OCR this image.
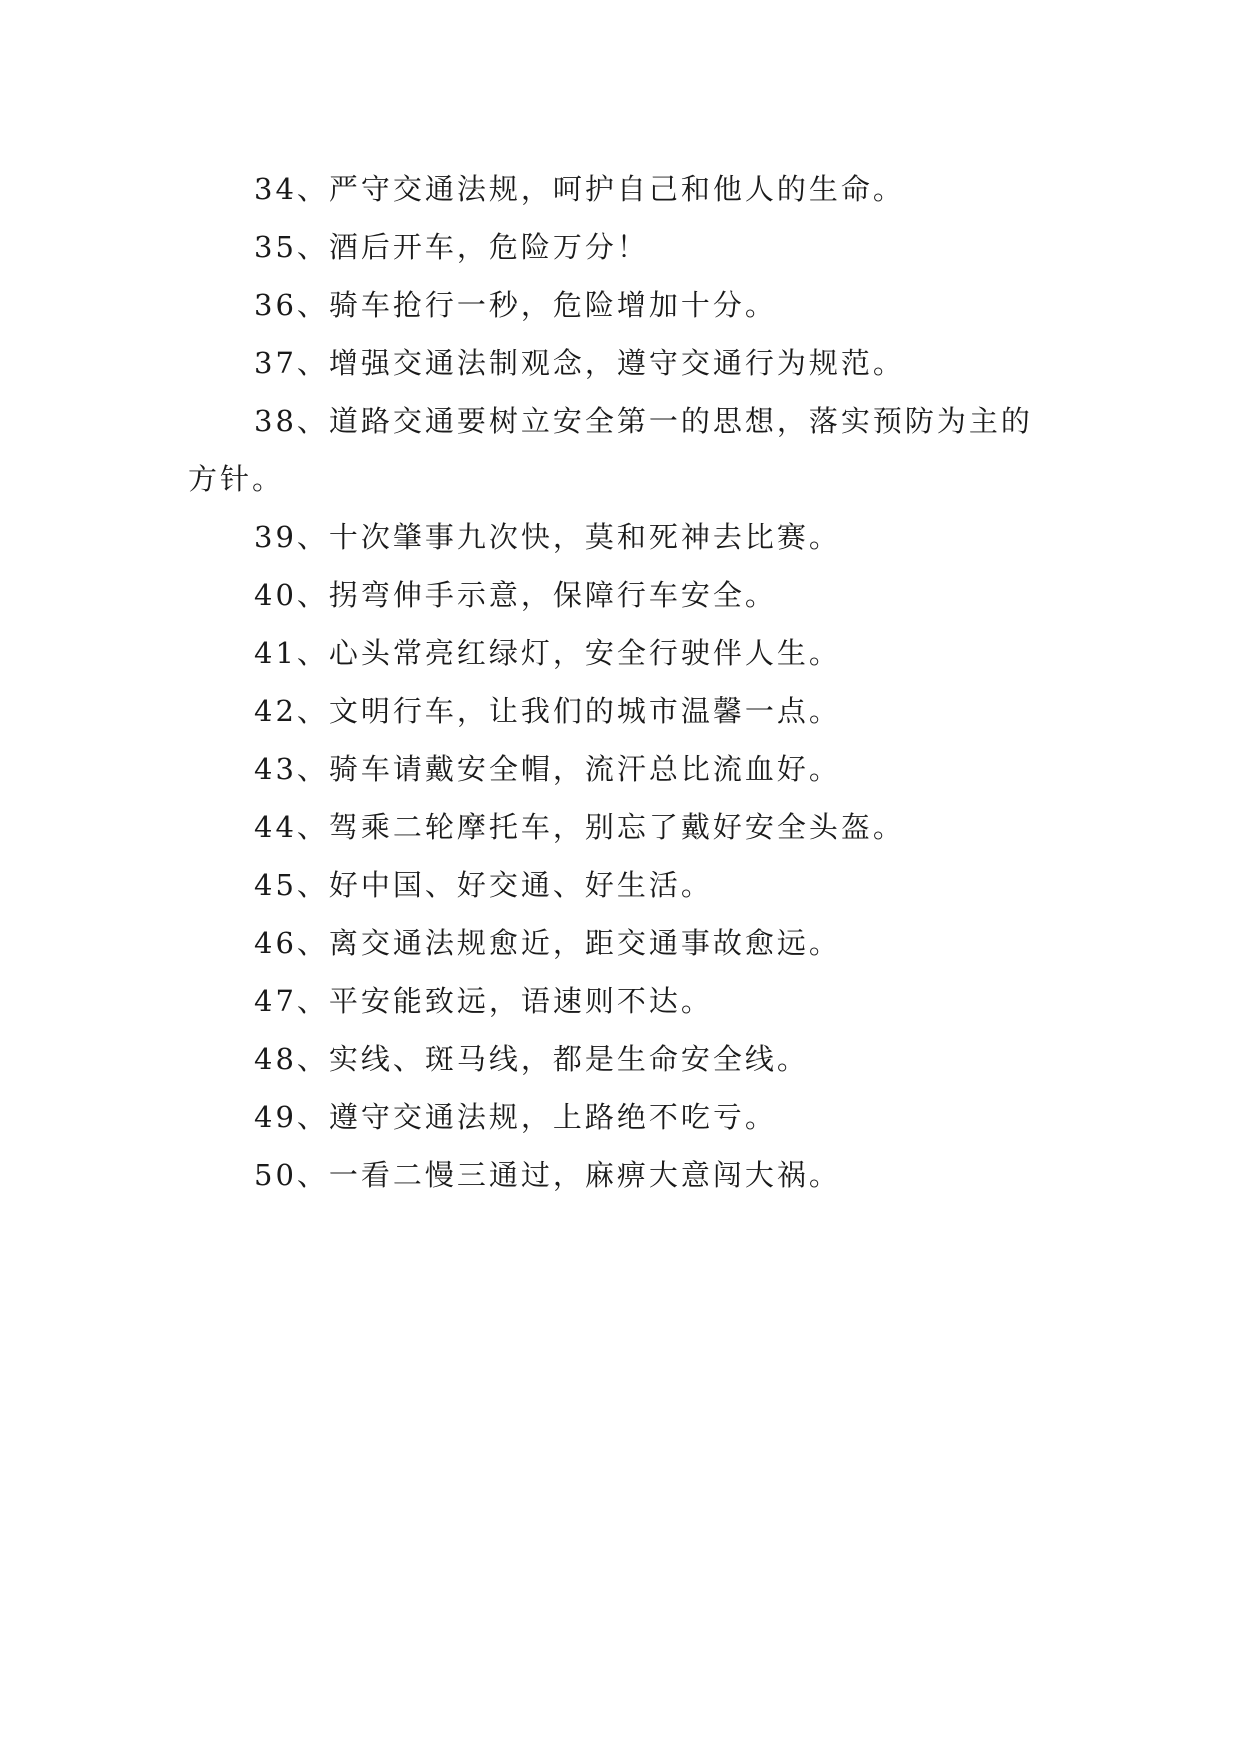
34、严守交通法规，呵护自己和他人的生命。

35、酒后开车，危险万分！

36、骑车抢行一秒，危险增加十分。

37、增强交通法制观念，遵守交通行为规范。

38、道路交通要树立安全第一的思想，落实预防为主的方针。

39、十次肇事九次快，莫和死神去比赛。

40、拐弯伸手示意，保障行车安全。

41、心头常亮红绿灯，安全行驶伴人生。

42、文明行车，让我们的城市温馨一点。

43、骑车请戴安全帽，流汗总比流血好。

44、驾乘二轮摩托车，别忘了戴好安全头盔。

45、好中国、好交通、好生活。

46、离交通法规愈近，距交通事故愈远。

47、平安能致远，语速则不达。

48、实线、斑马线，都是生命安全线。

49、遵守交通法规，上路绝不吃亏。

50、一看二慢三通过，麻痹大意闯大祸。
